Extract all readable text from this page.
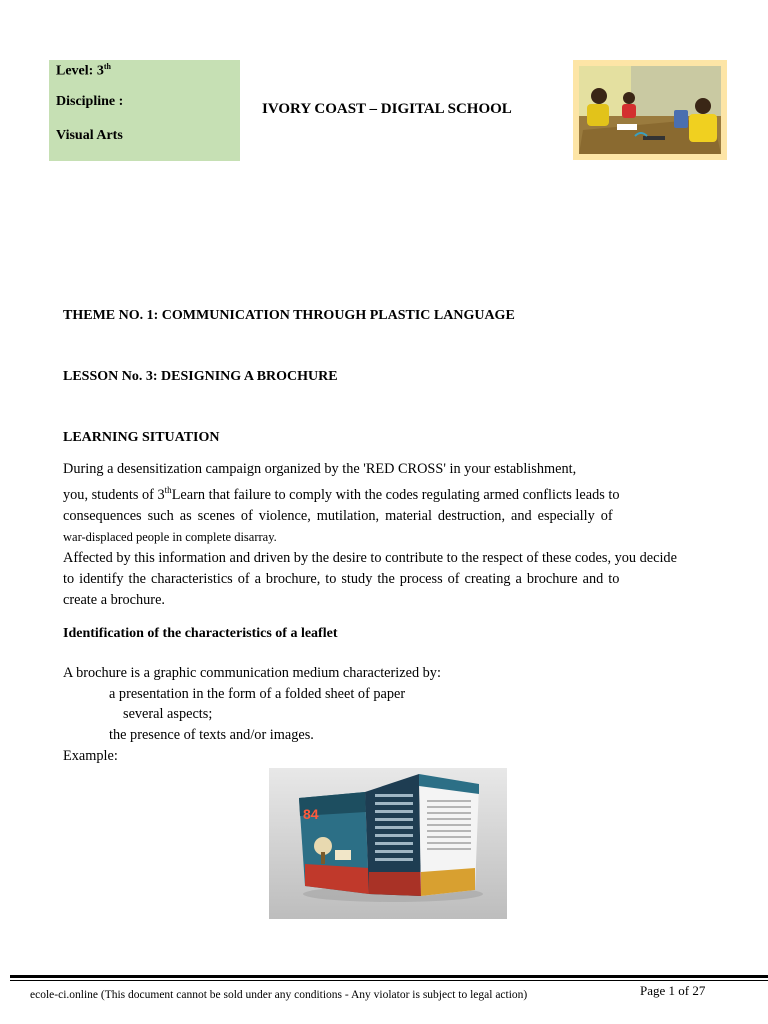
Level: 3th
Discipline :
Visual Arts
IVORY COAST – DIGITAL SCHOOL
THEME NO. 1: COMMUNICATION THROUGH PLASTIC LANGUAGE
LESSON No. 3: DESIGNING A BROCHURE
LEARNING SITUATION
During a desensitization campaign organized by the 'RED CROSS' in your establishment,
you, students of 3thLearn that failure to comply with the codes regulating armed conflicts leads to
consequences such as scenes of violence, mutilation, material destruction, and especially of
war-displaced people in complete disarray.
Affected by this information and driven by the desire to contribute to the respect of these codes, you decide
to identify the characteristics of a brochure, to study the process of creating a brochure and to
create a brochure.
Identification of the characteristics of a leaflet
A brochure is a graphic communication medium characterized by:
a presentation in the form of a folded sheet of paper
several aspects;
the presence of texts and/or images.
Example:
84
ecole-ci.online (This document cannot be sold under any conditions - Any violator is subject to legal action)	Page 1 of 27
